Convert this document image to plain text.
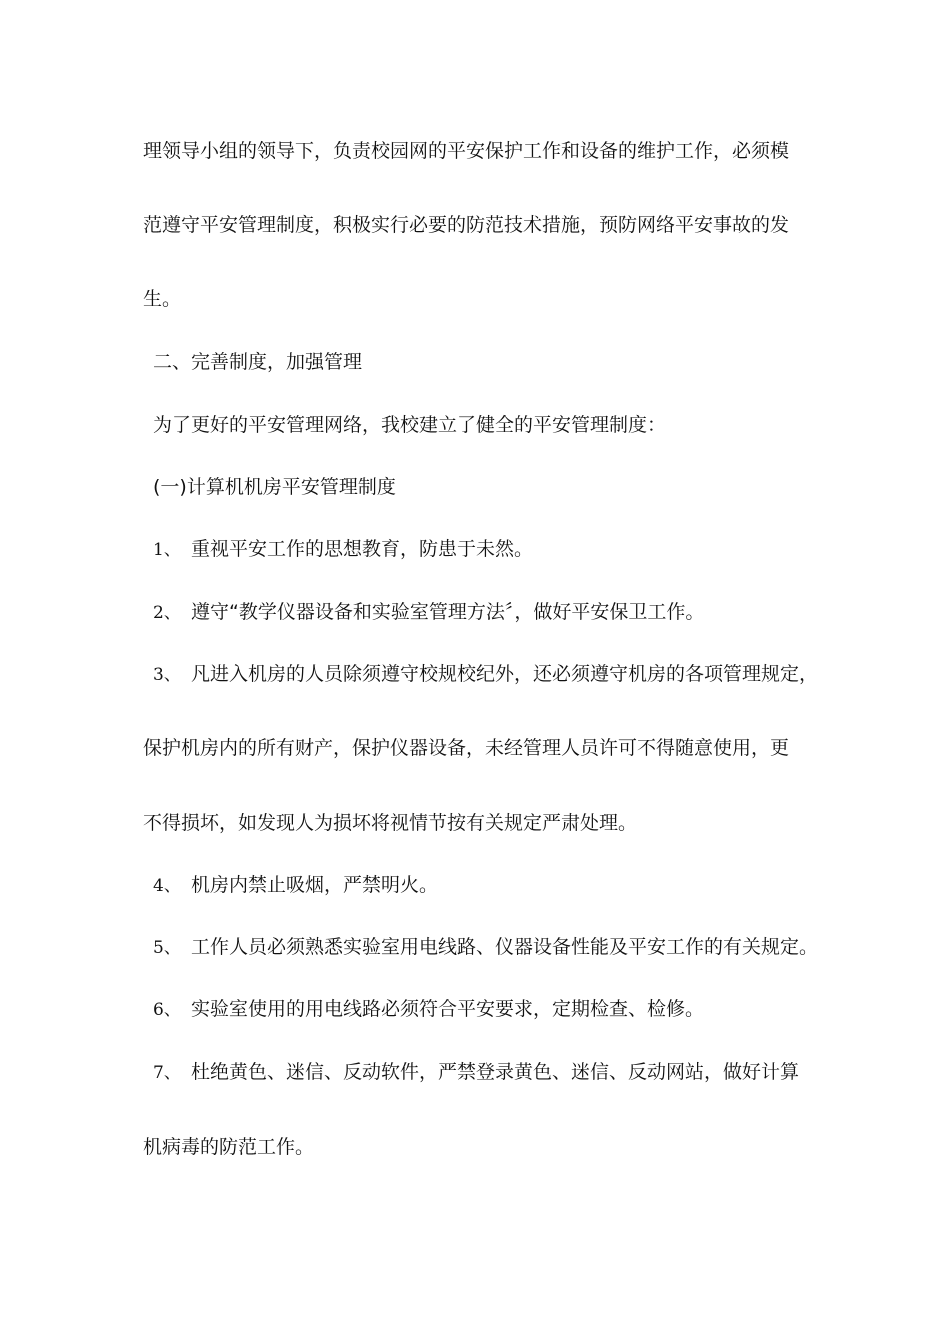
理领导小组的领导下，负责校园网的平安保护工作和设备的维护工作，必须模
范遵守平安管理制度，积极实行必要的防范技术措施，预防网络平安事故的发
生。
二、完善制度，加强管理
为了更好的平安管理网络，我校建立了健全的平安管理制度：
(一)计算机机房平安管理制度
1、 重视平安工作的思想教育，防患于未然。
2、 遵守“教学仪器设备和实验室管理方法〞，做好平安保卫工作。
3、 凡进入机房的人员除须遵守校规校纪外，还必须遵守机房的各项管理规定，
保护机房内的所有财产，保护仪器设备，未经管理人员许可不得随意使用，更
不得损坏，如发现人为损坏将视情节按有关规定严肃处理。
4、 机房内禁止吸烟，严禁明火。
5、 工作人员必须熟悉实验室用电线路、仪器设备性能及平安工作的有关规定。
6、 实验室使用的用电线路必须符合平安要求，定期检查、检修。
7、 杜绝黄色、迷信、反动软件，严禁登录黄色、迷信、反动网站，做好计算
机病毒的防范工作。
